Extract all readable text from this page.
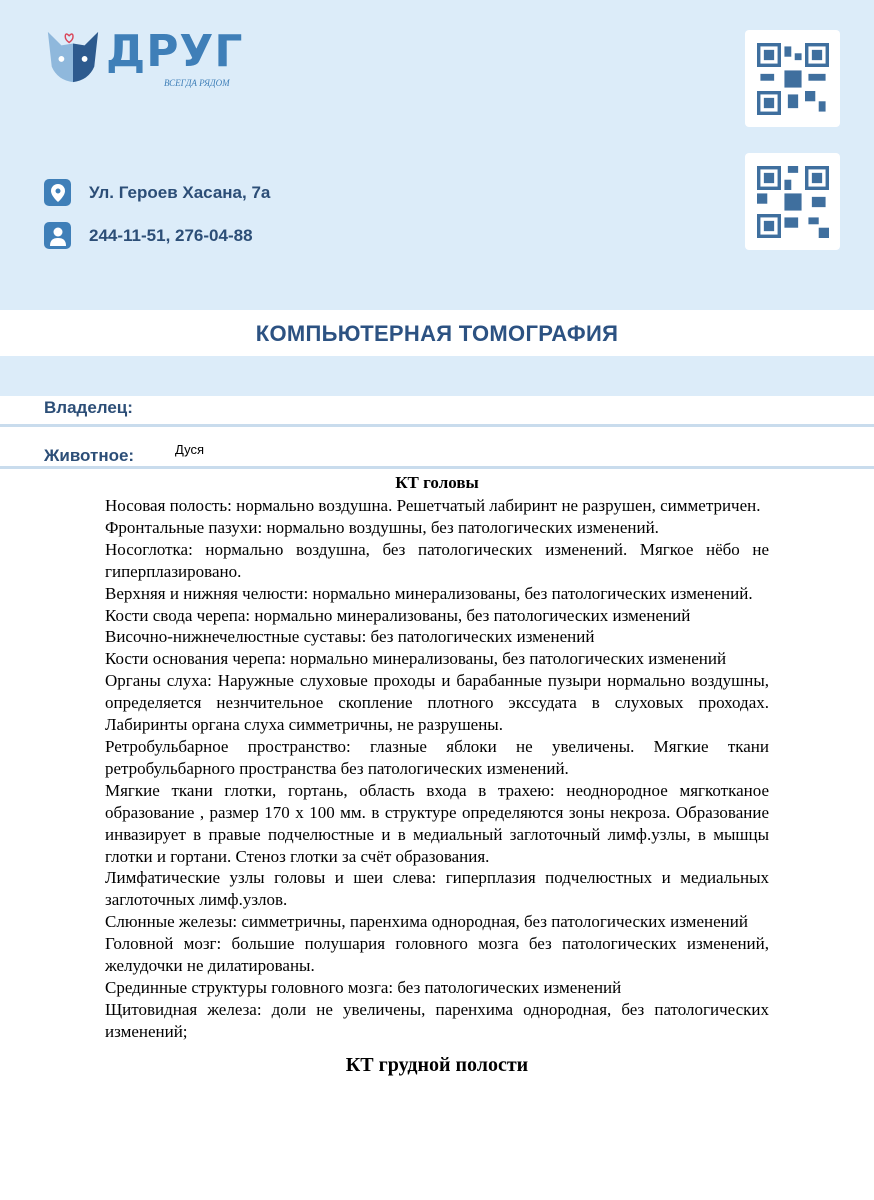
ДРУГ
ВСЕГДА РЯДОМ
Ул. Героев Хасана, 7а
244-11-51, 276-04-88
КОМПЬЮТЕРНАЯ ТОМОГРАФИЯ
Владелец:
Животное:	Дуся
КТ головы

Носовая полость: нормально воздушна. Решетчатый лабиринт не разрушен, симметричен.

Фронтальные пазухи: нормально воздушны, без патологических изменений.

Носоглотка: нормально воздушна, без патологических изменений. Мягкое нёбо не гиперплазировано.

Верхняя и нижняя челюсти: нормально минерализованы, без патологических изменений.

Кости свода черепа: нормально минерализованы, без патологических изменений

Височно-нижнечелюстные суставы: без патологических изменений

Кости основания черепа: нормально минерализованы, без патологических изменений

Органы слуха: Наружные слуховые проходы и барабанные пузыри нормально воздушны, определяется незнчительное скопление плотного экссудата в слуховых проходах. Лабиринты органа слуха симметричны, не разрушены.

Ретробульбарное пространство: глазные яблоки не увеличены. Мягкие ткани ретробульбарного пространства без патологических изменений.

Мягкие ткани глотки, гортань, область входа в трахею: неоднородное мягкотканое образование , размер 170 х 100 мм. в структуре определяются зоны некроза. Образование инвазирует в правые подчелюстные и в медиальный заглоточный лимф.узлы, в мышцы глотки и гортани. Стеноз глотки за счёт образования.

Лимфатические узлы головы и шеи слева: гиперплазия подчелюстных и медиальных заглоточных лимф.узлов.

Слюнные железы: симметричны, паренхима однородная, без патологических изменений

Головной мозг: большие полушария головного мозга без патологических изменений, желудочки не дилатированы.

Срединные структуры головного мозга: без патологических изменений

Щитовидная железа: доли не увеличены, паренхима однородная, без патологических изменений;

КТ грудной полости
